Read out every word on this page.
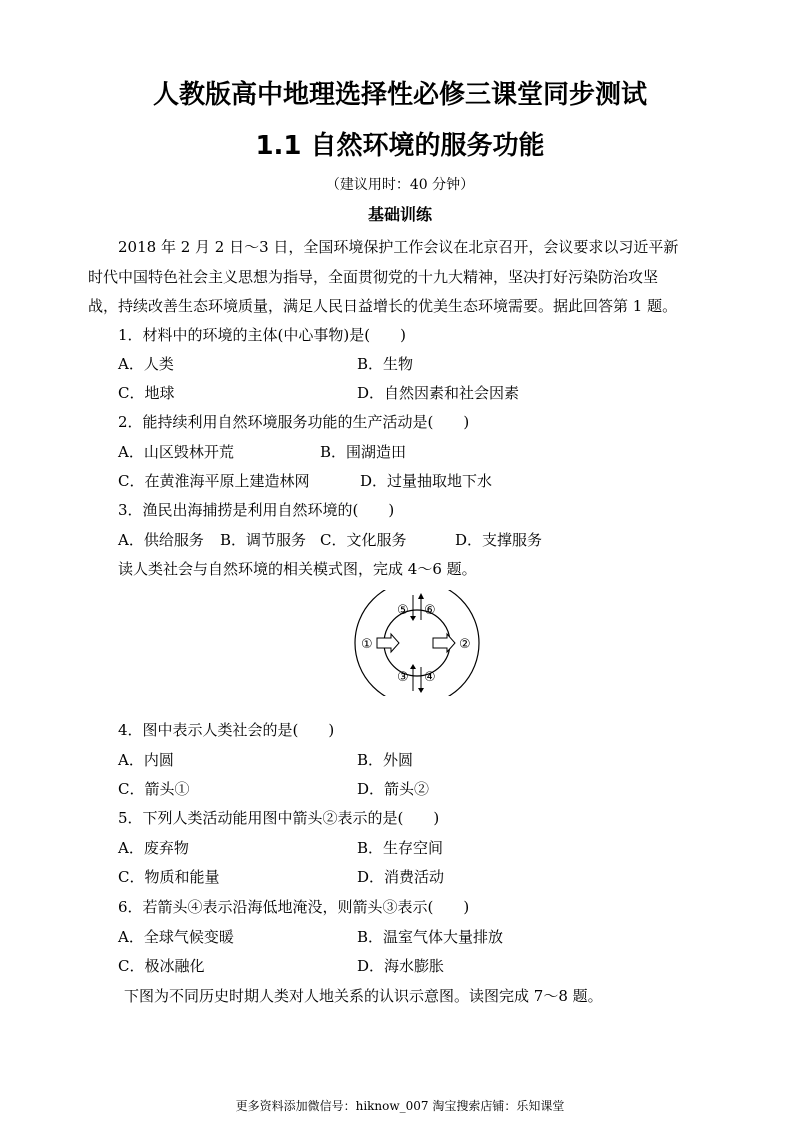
人教版高中地理选择性必修三课堂同步测试
1.1 自然环境的服务功能
（建议用时：40 分钟）
基础训练
2018 年 2 月 2 日～3 日，全国环境保护工作会议在北京召开，会议要求以习近平新
时代中国特色社会主义思想为指导，全面贯彻党的十九大精神，坚决打好污染防治攻坚
战，持续改善生态环境质量，满足人民日益增长的优美生态环境需要。据此回答第 1 题。
1．材料中的环境的主体(中心事物)是(　　)
A．人类	B．生物
C．地球	D．自然因素和社会因素
2．能持续利用自然环境服务功能的生产活动是(　　)
A．山区毁林开荒	B．围湖造田
C．在黄淮海平原上建造林网	D．过量抽取地下水
3．渔民出海捕捞是利用自然环境的(　　)
A．供给服务 B．调节服务 C．文化服务	D．支撑服务
读人类社会与自然环境的相关模式图，完成 4～6 题。
①	②
③ ④
⑤ ⑥
4．图中表示人类社会的是(　　)
A．内圆	B．外圆
C．箭头①	D．箭头②
5．下列人类活动能用图中箭头②表示的是(　　)
A．废弃物	B．生存空间
C．物质和能量	D．消费活动
6．若箭头④表示沿海低地淹没，则箭头③表示(　　)
A．全球气候变暖	B．温室气体大量排放
C．极冰融化	D．海水膨胀
下图为不同历史时期人类对人地关系的认识示意图。读图完成 7～8 题。
更多资料添加微信号：hiknow_007 淘宝搜索店铺：乐知课堂
